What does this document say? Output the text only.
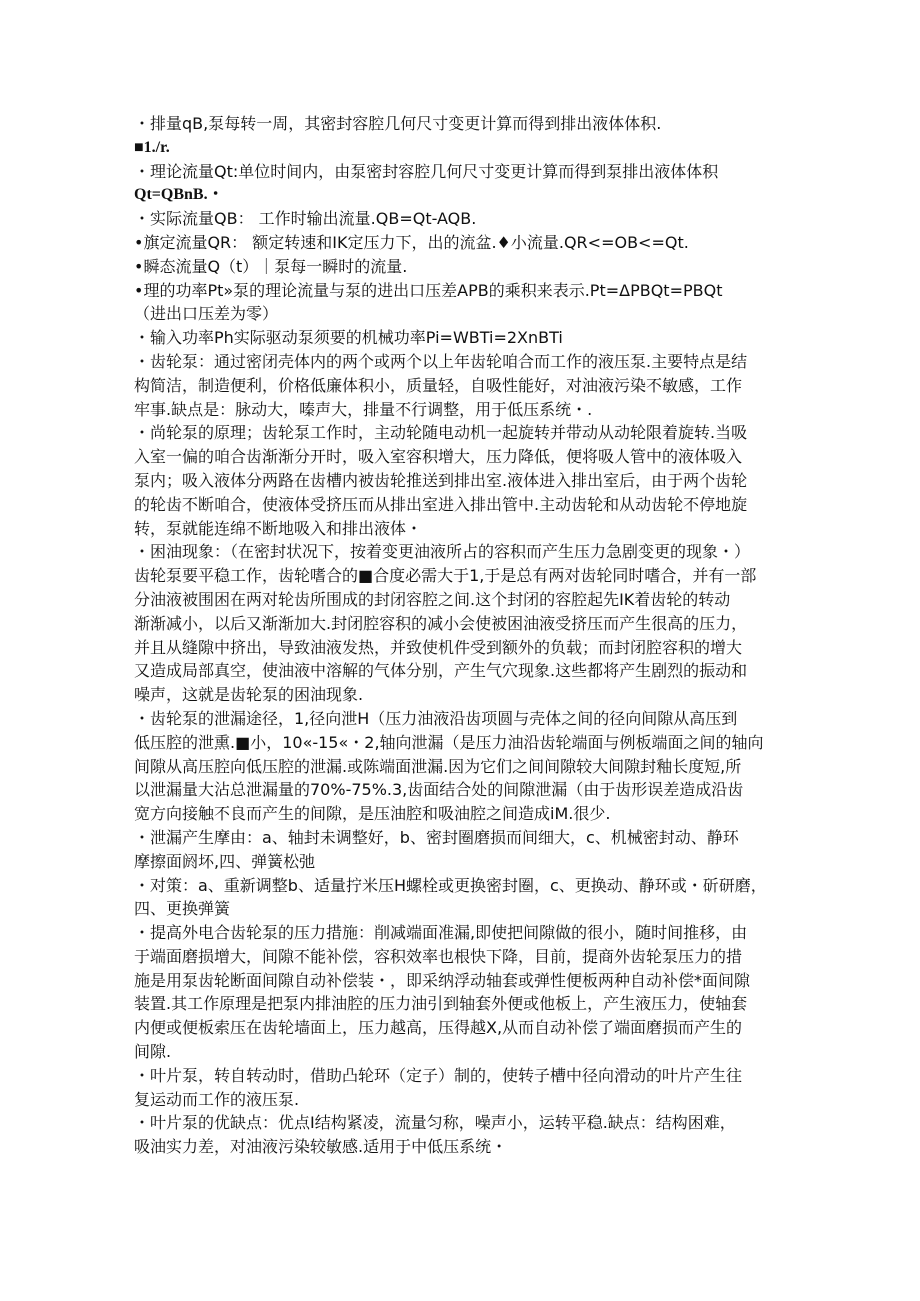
・排量qB,泵每转一周，其密封容腔几何尺寸变更计算而得到排出液体体积.
■1./r.
・理论流量Qt:单位时间内，由泵密封容腔几何尺寸变更计算而得到泵排出液体体积
Qt=QBnB.・
・实际流量QB： 工作时输出流量.QB=Qt-AQB.
•旗定流量QR： 额定转速和IK定压力下，出的流盆.♦小流量.QR<=OB<=Qt.
•瞬态流量Q（t）｜泵每一瞬时的流量.
•理的功率Pt»泵的理论流量与泵的进出口压差APB的乘积来表示.Pt=ΔPBQt=PBQt
（进出口压差为零）
・输入功率Ph实际驱动泵须要的机械功率Pi=WBTi=2XnBTi
・齿轮泵：通过密闭壳体内的两个或两个以上年齿轮咱合而工作的液压泵.主要特点是结
构简洁，制造便利，价格低廉体积小，质量轻，自吸性能好，对油液污染不敏感，工作
牢事.缺点是：脉动大，嗪声大，排量不行调整，用于低压系统・.
・尚轮泵的原理；齿轮泵工作时，主动轮随电动机一起旋转并带动从动轮限着旋转.当吸
入室一偏的咱合齿渐渐分开时，吸入室容积增大，压力降低，便将吸人管中的液体吸入
泵内；吸入液体分两路在齿槽内被齿轮推送到排出室.液体进入排出室后，由于两个齿轮
的轮齿不断咱合，使液体受挤压而从排出室进入排出管中.主动齿轮和从动齿轮不停地旋
转，泵就能连绵不断地吸入和排出液体・
・困油现象：（在密封状况下，按着变更油液所占的容积而产生压力急剧变更的现象・）
齿轮泵要平稳工作，齿轮嗜合的■合度必需大于1,于是总有两对齿轮同时嗜合，并有一部
分油液被围困在两对轮齿所围成的封闭容腔之间.这个封闭的容腔起先IK着齿轮的转动
渐渐减小，以后又渐渐加大.封闭腔容积的减小会使被困油液受挤压而产生很高的压力，
并且从缝隙中挤出，导致油液发热，并致使机件受到额外的负载；而封闭腔容积的增大
又造成局部真空，使油液中溶解的气体分别，产生气穴现象.这些都将产生剧烈的振动和
噪声，这就是齿轮泵的困油现象.
・齿轮泵的泄漏途径，1,径向泄H（压力油液沿齿项圆与壳体之间的径向间隙从高压到
低压腔的泄熏.■小，10«-15«・2,轴向泄漏（是压力油沿齿轮端面与例板端面之间的轴向
间隙从高压腔向低压腔的泄漏.或陈端面泄漏.因为它们之间间隙较大间隙封釉长度短,所
以泄漏量大沾总泄漏量的70%-75%.3,齿面结合处的间隙泄漏（由于齿形误差造成沿齿
宽方向接触不良而产生的间隙，是压油腔和吸油腔之间造成iM.很少.
・泄漏产生摩由：a、轴封未调整好，b、密封圈磨损而间细大，c、机械密封动、静环
摩擦面阏坏,四、弹簧松弛
・对策：a、重新调整b、适量拧米压H螺栓或更换密封圈，c、更换动、静环或・斫研磨，
四、更换弹簧
・提高外电合齿轮泵的压力措施：削减端面准漏,即使把间隙做的很小，随时间推移，由
于端面磨损增大，间隙不能补偿，容积效率也根快下降，目前，提商外齿轮泵压力的措
施是用泵齿轮断面间隙自动补偿装・，即采纳浮动轴套或弹性便板两种自动补偿*面间隙
装置.其工作原理是把泵内排油腔的压力油引到轴套外便或他板上，产生液压力，使轴套
内便或便板索压在齿轮墙面上，压力越高，压得越X,从而自动补偿了端面磨损而产生的
间隙.
・叶片泵，转自转动时，借助凸轮环（定子）制的，使转子槽中径向滑动的叶片产生往
复运动而工作的液压泵.
・叶片泵的优缺点：优点I结构紧凌，流量匀称，噪声小，运转平稳.缺点：结构困难，
吸油实力差，对油液污染较敏感.适用于中低压系统・
